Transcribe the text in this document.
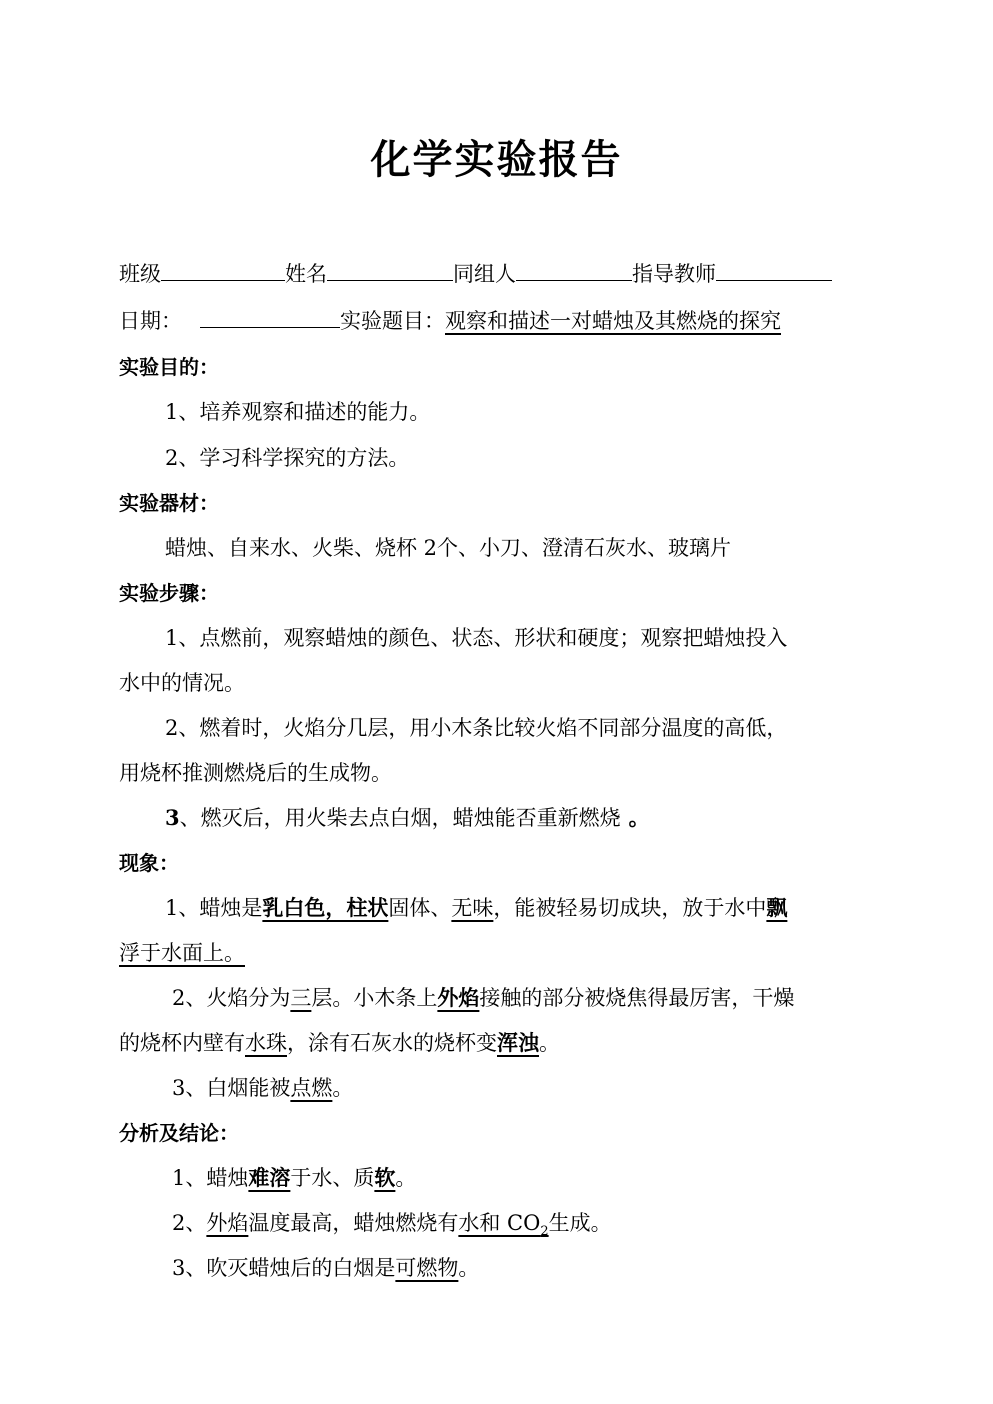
化学实验报告
班级	姓名	同组人	指导教师
日期：	实验题目：观察和描述一对蜡烛及其燃烧的探究
实验目的：
1、培养观察和描述的能力。
2、学习科学探究的方法。
实验器材：
蜡烛、自来水、火柴、烧杯 2个、小刀、澄清石灰水、玻璃片
实验步骤：
1、点燃前，观察蜡烛的颜色、状态、形状和硬度；观察把蜡烛投入
水中的情况。
2、燃着时，火焰分几层，用小木条比较火焰不同部分温度的高低，
用烧杯推测燃烧后的生成物。
3、燃灭后，用火柴去点白烟，蜡烛能否重新燃烧 。
现象：
1、蜡烛是乳白色，柱状固体、无味，能被轻易切成块，放于水中飘
浮于水面上。
2、火焰分为三层。小木条上外焰接触的部分被烧焦得最厉害，干燥
的烧杯内壁有水珠，涂有石灰水的烧杯变浑浊。
3、白烟能被点燃。
分析及结论：
1、蜡烛难溶于水、质软。
2、外焰温度最高，蜡烛燃烧有水和 $CO_2$生成。
3、吹灭蜡烛后的白烟是可燃物。
